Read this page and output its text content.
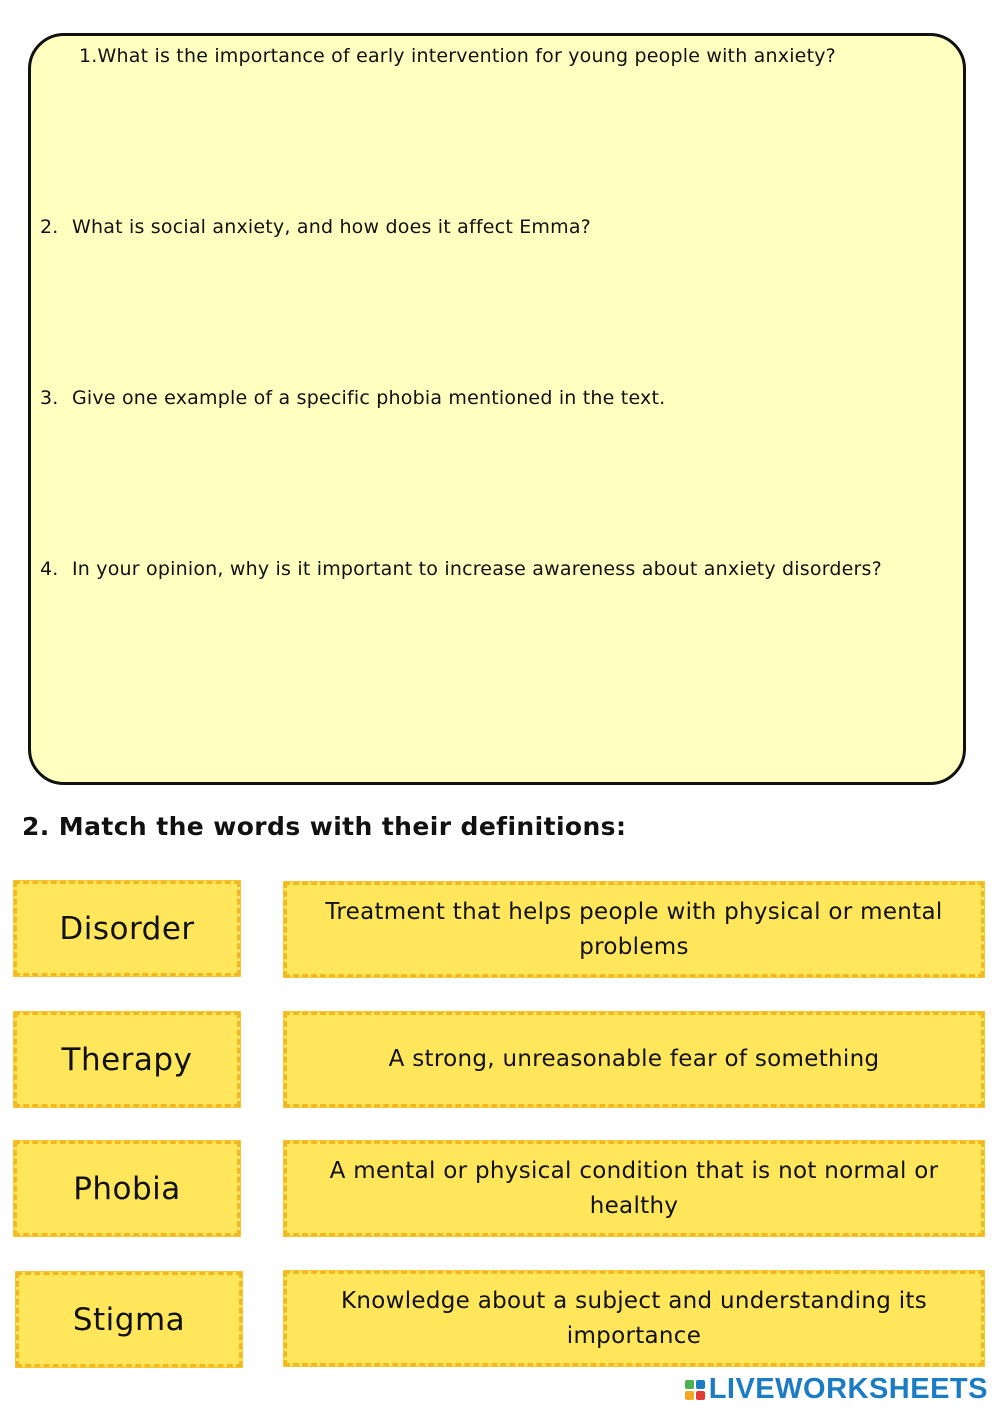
1.What is the importance of early intervention for young people with anxiety?
2. What is social anxiety, and how does it affect Emma?
3. Give one example of a specific phobia mentioned in the text.
4. In your opinion, why is it important to increase awareness about anxiety disorders?
2. Match the words with their definitions:
Disorder
Therapy
Phobia
Stigma
Treatment that helps people with physical or mental problems
A strong, unreasonable fear of something
A mental or physical condition that is not normal or healthy
Knowledge about a subject and understanding its importance
LIVEWORKSHEETS
